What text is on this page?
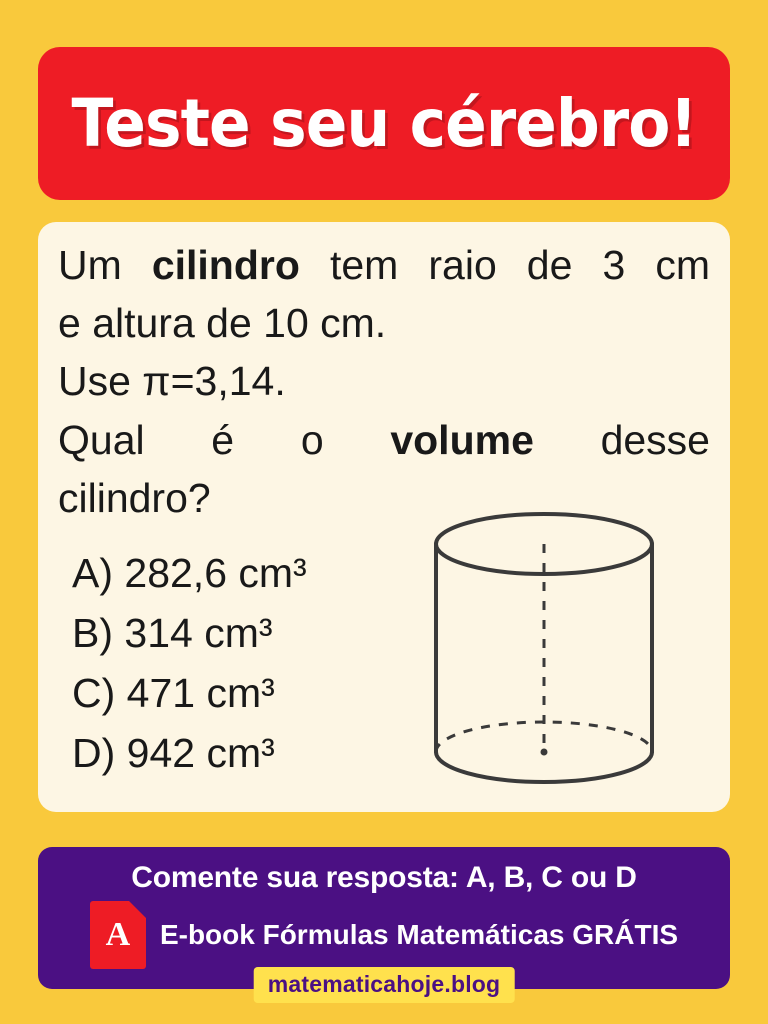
Teste seu cérebro!

Um cilindro tem raio de 3 cm
e altura de 10 cm.
Use π=3,14.
Qual é o volume desse
cilindro?

A) 282,6 cm³
B) 314 cm³
C) 471 cm³
D) 942 cm³
Comente sua resposta: A, B, C ou D
A	E-book Fórmulas Matemáticas GRÁTIS
matematicahoje.blog
